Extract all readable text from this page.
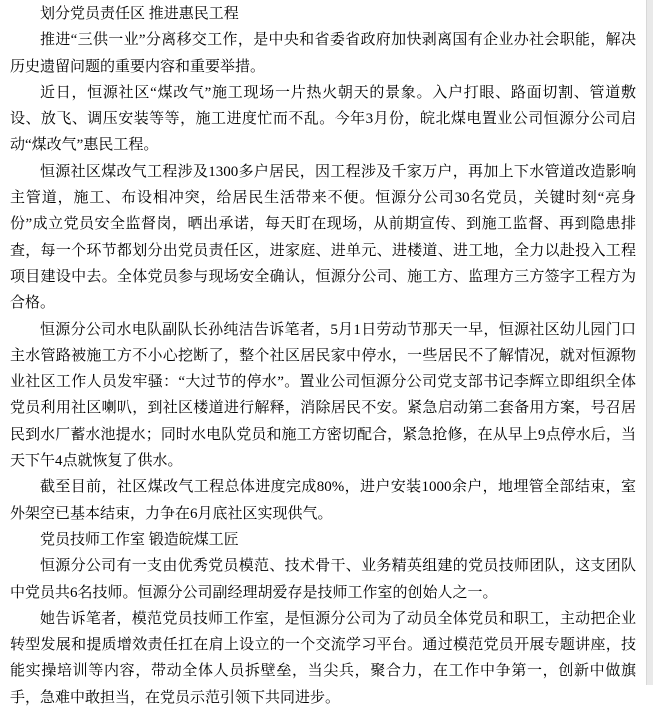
划分党员责任区 推进惠民工程

推进“三供一业”分离移交工作，是中央和省委省政府加快剥离国有企业办社会职能，解决历史遗留问题的重要内容和重要举措。

近日，恒源社区“煤改气”施工现场一片热火朝天的景象。入户打眼、路面切割、管道敷设、放飞、调压安装等等，施工进度忙而不乱。今年3月份，皖北煤电置业公司恒源分公司启动“煤改气”惠民工程。

恒源社区煤改气工程涉及1300多户居民，因工程涉及千家万户，再加上下水管道改造影响主管道，施工、布设相冲突，给居民生活带来不便。恒源分公司30名党员，关键时刻“亮身份”成立党员安全监督岗，晒出承诺，每天盯在现场，从前期宣传、到施工监督、再到隐患排查，每一个环节都划分出党员责任区，进家庭、进单元、进楼道、进工地，全力以赴投入工程项目建设中去。全体党员参与现场安全确认，恒源分公司、施工方、监理方三方签字工程方为合格。

恒源分公司水电队副队长孙纯洁告诉笔者，5月1日劳动节那天一早，恒源社区幼儿园门口主水管路被施工方不小心挖断了，整个社区居民家中停水，一些居民不了解情况，就对恒源物业社区工作人员发牢骚：“大过节的停水”。置业公司恒源分公司党支部书记李辉立即组织全体党员利用社区喇叭，到社区楼道进行解释，消除居民不安。紧急启动第二套备用方案，号召居民到水厂蓄水池提水；同时水电队党员和施工方密切配合，紧急抢修，在从早上9点停水后，当天下午4点就恢复了供水。

截至目前，社区煤改气工程总体进度完成80%，进户安装1000余户，地埋管全部结束，室外架空已基本结束，力争在6月底社区实现供气。

党员技师工作室 锻造皖煤工匠

恒源分公司有一支由优秀党员模范、技术骨干、业务精英组建的党员技师团队，这支团队中党员共6名技师。恒源分公司副经理胡爱存是技师工作室的创始人之一。

她告诉笔者，模范党员技师工作室，是恒源分公司为了动员全体党员和职工，主动把企业转型发展和提质增效责任扛在肩上设立的一个交流学习平台。通过模范党员开展专题讲座，技能实操培训等内容，带动全体人员拆壁垒，当尖兵，聚合力，在工作中争第一，创新中做旗手，急难中敢担当，在党员示范引领下共同进步。
